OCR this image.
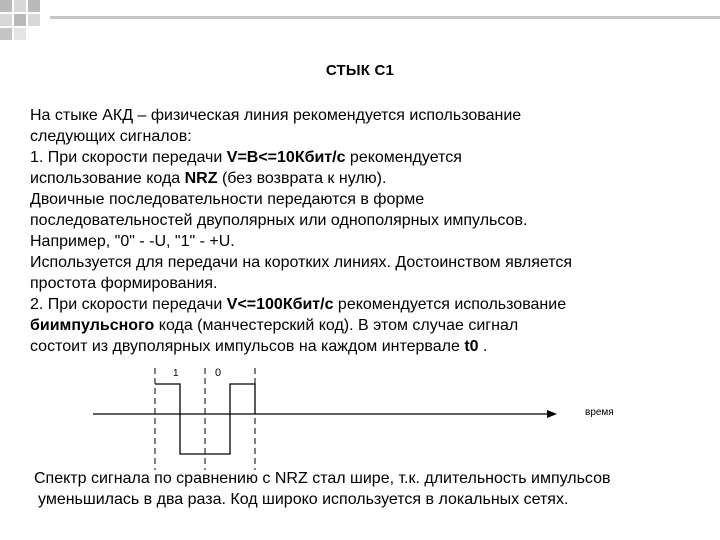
СТЫК С1
На стыке АКД – физическая линия рекомендуется использование
следующих сигналов:
1. При скорости передачи V=B<=10Кбит/с рекомендуется
использование кода NRZ (без возврата к нулю).
Двоичные последовательности передаются в форме
последовательностей двуполярных или однополярных импульсов.
Например, "0" - -U, "1" - +U.
Используется для передачи на коротких линиях. Достоинством является
простота формирования.
2. При скорости передачи V<=100Кбит/с рекомендуется использование
биимпульсного кода (манчестерский код). В этом случае сигнал
состоит из двуполярных импульсов на каждом интервале t0 .
1	0
время
Спектр сигнала по сравнению с NRZ стал шире, т.к. длительность импульсов
уменьшилась в два раза. Код широко используется в локальных сетях.
